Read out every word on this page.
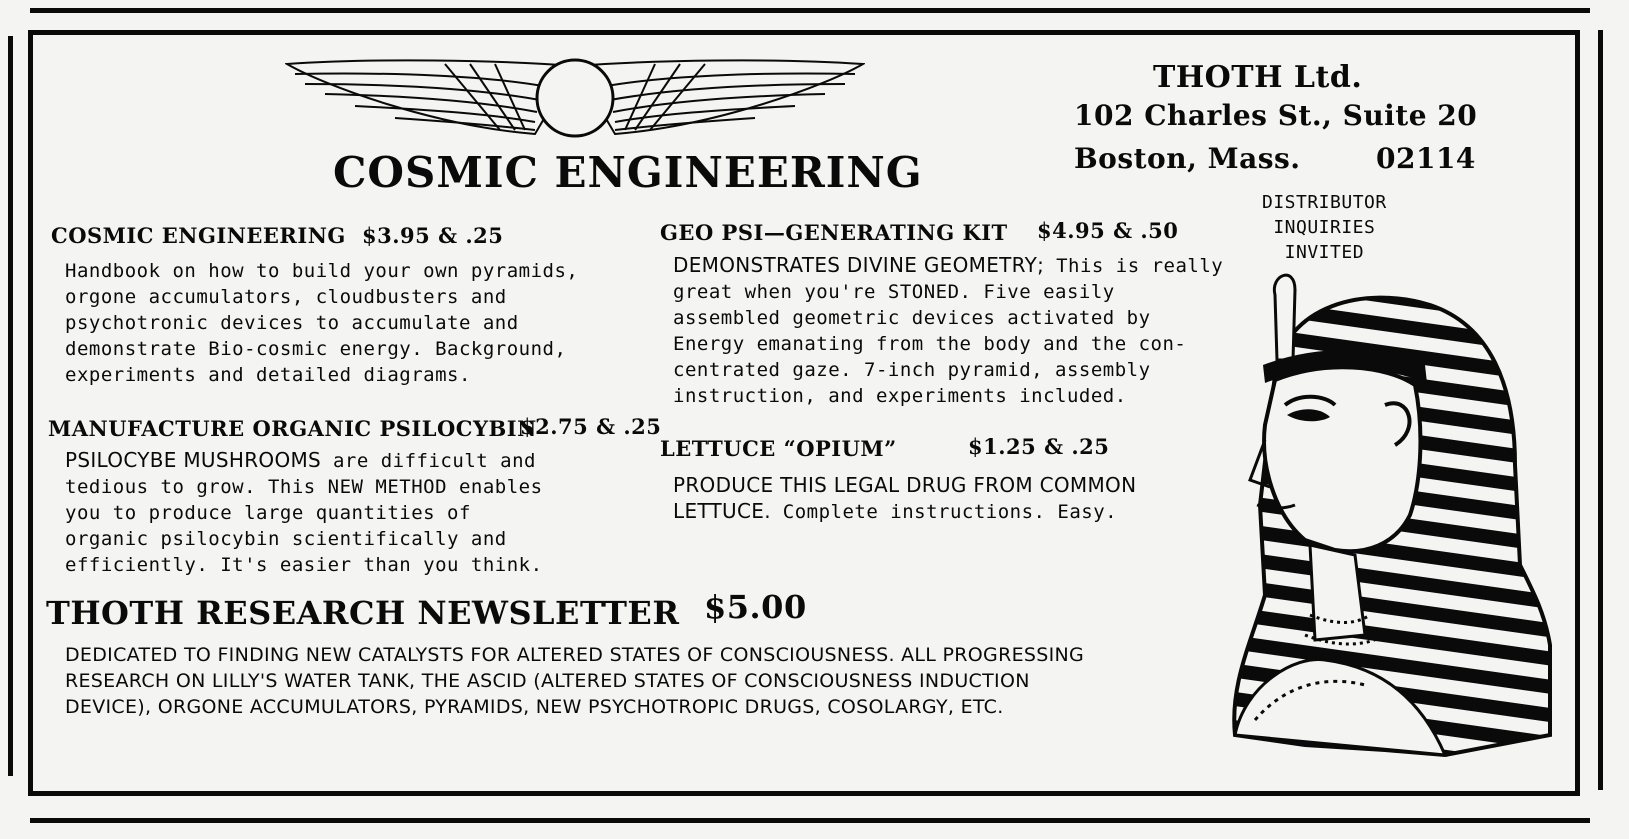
COSMIC ENGINEERING
THOTH Ltd.
102 Charles St., Suite 20
Boston, Mass.	02114
DISTRIBUTOR
INQUIRIES
INVITED
COSMIC ENGINEERING $3.95 & .25
Handbook on how to build your own pyramids,
orgone accumulators, cloudbusters and
psychotronic devices to accumulate and
demonstrate Bio-cosmic energy. Background,
experiments and detailed diagrams.
MANUFACTURE ORGANIC PSILOCYBIN
$2.75 & .25
PSILOCYBE MUSHROOMS are difficult and
tedious to grow. This NEW METHOD enables
you to produce large quantities of
organic psilocybin scientifically and
efficiently. It's easier than you think.
GEO PSI—GENERATING KIT $4.95 & .50
DEMONSTRATES DIVINE GEOMETRY; This is really
great when you're STONED. Five easily
assembled geometric devices activated by
Energy emanating from the body and the con-
centrated gaze. 7-inch pyramid, assembly
instruction, and experiments included.
LETTUCE “OPIUM”	$1.25 & .25
PRODUCE THIS LEGAL DRUG FROM COMMON
LETTUCE. Complete instructions. Easy.
THOTH RESEARCH NEWSLETTER $5.00
DEDICATED TO FINDING NEW CATALYSTS FOR ALTERED STATES OF CONSCIOUSNESS. ALL PROGRESSING
RESEARCH ON LILLY'S WATER TANK, THE ASCID (ALTERED STATES OF CONSCIOUSNESS INDUCTION
DEVICE), ORGONE ACCUMULATORS, PYRAMIDS, NEW PSYCHOTROPIC DRUGS, COSOLARGY, ETC.
